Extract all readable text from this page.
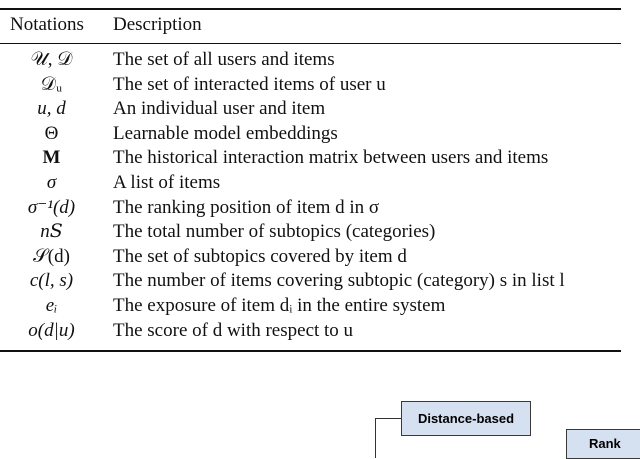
Notations Description
𝒰, 𝒟	The set of all users and items
𝒟ᵤ	The set of interacted items of user u
u, d	An individual user and item
Θ	Learnable model embeddings
M	The historical interaction matrix between users and items
σ	A list of items
σ⁻¹(d)	The ranking position of item d in σ
n𝑆	The total number of subtopics (categories)
𝒮(d)	The set of subtopics covered by item d
c(l, s)	The number of items covering subtopic (category) s in list l
eᵢ	The exposure of item dᵢ in the entire system
o(d|u)	The score of d with respect to u
Distance-based
Rank
